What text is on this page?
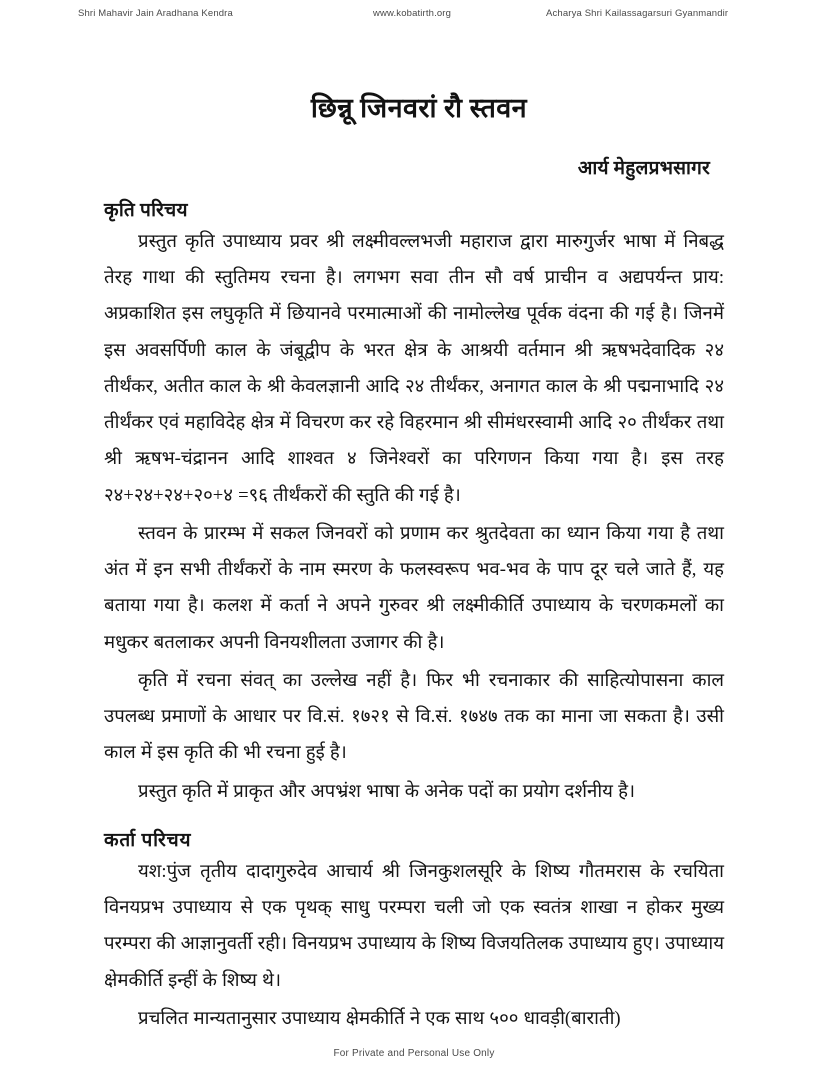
Shri Mahavir Jain Aradhana Kendra	www.kobatirth.org	Acharya Shri Kailassagarsuri Gyanmandir
छिन्नू जिनवरां रौ स्तवन
आर्य मेहुलप्रभसागर
कृति परिचय

प्रस्तुत कृति उपाध्याय प्रवर श्री लक्ष्मीवल्लभजी महाराज द्वारा मारुगुर्जर भाषा में निबद्ध तेरह गाथा की स्तुतिमय रचना है। लगभग सवा तीन सौ वर्ष प्राचीन व अद्यपर्यन्त प्राय: अप्रकाशित इस लघुकृति में छियानवे परमात्माओं की नामोल्लेख पूर्वक वंदना की गई है। जिनमें इस अवसर्पिणी काल के जंबूद्वीप के भरत क्षेत्र के आश्रयी वर्तमान श्री ऋषभदेवादिक २४ तीर्थंकर, अतीत काल के श्री केवलज्ञानी आदि २४ तीर्थंकर, अनागत काल के श्री पद्मनाभादि २४ तीर्थंकर एवं महाविदेह क्षेत्र में विचरण कर रहे विहरमान श्री सीमंधरस्वामी आदि २० तीर्थंकर तथा श्री ऋषभ-चंद्रानन आदि शाश्वत ४ जिनेश्वरों का परिगणन किया गया है। इस तरह २४+२४+२४+२०+४ =९६ तीर्थंकरों की स्तुति की गई है।

स्तवन के प्रारम्भ में सकल जिनवरों को प्रणाम कर श्रुतदेवता का ध्यान किया गया है तथा अंत में इन सभी तीर्थंकरों के नाम स्मरण के फलस्वरूप भव-भव के पाप दूर चले जाते हैं, यह बताया गया है। कलश में कर्ता ने अपने गुरुवर श्री लक्ष्मीकीर्ति उपाध्याय के चरणकमलों का मधुकर बतलाकर अपनी विनयशीलता उजागर की है।

कृति में रचना संवत् का उल्लेख नहीं है। फिर भी रचनाकार की साहित्योपासना काल उपलब्ध प्रमाणों के आधार पर वि.सं. १७२१ से वि.सं. १७४७ तक का माना जा सकता है। उसी काल में इस कृति की भी रचना हुई है।

प्रस्तुत कृति में प्राकृत और अपभ्रंश भाषा के अनेक पदों का प्रयोग दर्शनीय है।

कर्ता परिचय

यश:पुंज तृतीय दादागुरुदेव आचार्य श्री जिनकुशलसूरि के शिष्य गौतमरास के रचयिता विनयप्रभ उपाध्याय से एक पृथक् साधु परम्परा चली जो एक स्वतंत्र शाखा न होकर मुख्य परम्परा की आज्ञानुवर्ती रही। विनयप्रभ उपाध्याय के शिष्य विजयतिलक उपाध्याय हुए। उपाध्याय क्षेमकीर्ति इन्हीं के शिष्य थे।

प्रचलित मान्यतानुसार उपाध्याय क्षेमकीर्ति ने एक साथ ५०० धावड़ी(बाराती)

For Private and Personal Use Only
